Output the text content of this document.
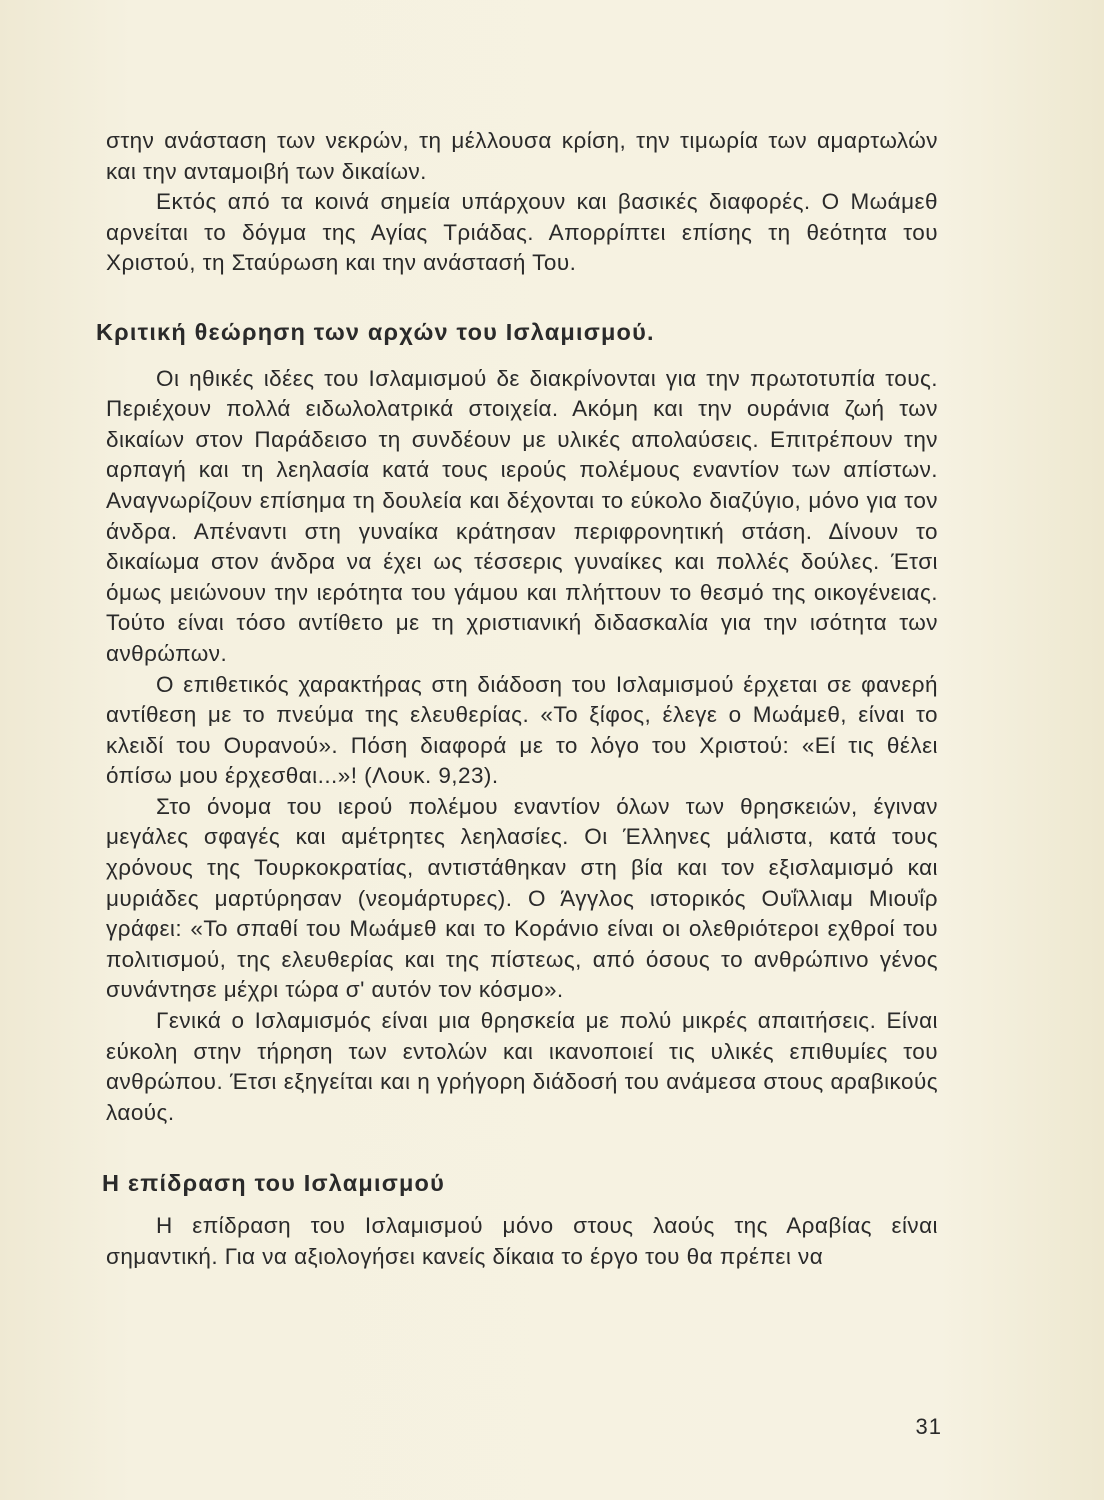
στην ανάσταση των νεκρών, τη μέλλουσα κρίση, την τιμωρία των αμαρτωλών και την ανταμοιβή των δικαίων.

Εκτός από τα κοινά σημεία υπάρχουν και βασικές διαφορές. Ο Μωάμεθ αρνείται το δόγμα της Αγίας Τριάδας. Απορρίπτει επίσης τη θεότητα του Χριστού, τη Σταύρωση και την ανάστασή Του.

Κριτική θεώρηση των αρχών του Ισλαμισμού.

Οι ηθικές ιδέες του Ισλαμισμού δε διακρίνονται για την πρωτοτυπία τους. Περιέχουν πολλά ειδωλολατρικά στοιχεία. Ακόμη και την ουράνια ζωή των δικαίων στον Παράδεισο τη συνδέουν με υλικές απολαύσεις. Επιτρέπουν την αρπαγή και τη λεηλασία κατά τους ιερούς πολέμους εναντίον των απίστων. Αναγνωρίζουν επίσημα τη δουλεία και δέχονται το εύκολο διαζύγιο, μόνο για τον άνδρα. Απέναντι στη γυναίκα κράτησαν περιφρονητική στάση. Δίνουν το δικαίωμα στον άνδρα να έχει ως τέσσερις γυναίκες και πολλές δούλες. Έτσι όμως μειώνουν την ιερότητα του γάμου και πλήττουν το θεσμό της οικογένειας. Τούτο είναι τόσο αντίθετο με τη χριστιανική διδασκαλία για την ισότητα των ανθρώπων.

Ο επιθετικός χαρακτήρας στη διάδοση του Ισλαμισμού έρχεται σε φανερή αντίθεση με το πνεύμα της ελευθερίας. «Το ξίφος, έλεγε ο Μωάμεθ, είναι το κλειδί του Ουρανού». Πόση διαφορά με το λόγο του Χριστού: «Εί τις θέλει όπίσω μου έρχεσθαι...»! (Λουκ. 9,23).

Στο όνομα του ιερού πολέμου εναντίον όλων των θρησκειών, έγιναν μεγάλες σφαγές και αμέτρητες λεηλασίες. Οι Έλληνες μάλιστα, κατά τους χρόνους της Τουρκοκρατίας, αντιστάθηκαν στη βία και τον εξισλαμισμό και μυριάδες μαρτύρησαν (νεομάρτυρες). Ο Άγγλος ιστορικός Ουΐλλιαμ Μιουΐρ γράφει: «Το σπαθί του Μωάμεθ και το Κοράνιο είναι οι ολεθριότεροι εχθροί του πολιτισμού, της ελευθερίας και της πίστεως, από όσους το ανθρώπινο γένος συνάντησε μέχρι τώρα σ' αυτόν τον κόσμο».

Γενικά ο Ισλαμισμός είναι μια θρησκεία με πολύ μικρές απαιτήσεις. Είναι εύκολη στην τήρηση των εντολών και ικανοποιεί τις υλικές επιθυμίες του ανθρώπου. Έτσι εξηγείται και η γρήγορη διάδοσή του ανάμεσα στους αραβικούς λαούς.

Η επίδραση του Ισλαμισμού

Η επίδραση του Ισλαμισμού μόνο στους λαούς της Αραβίας είναι σημαντική. Για να αξιολογήσει κανείς δίκαια το έργο του θα πρέπει να

31
